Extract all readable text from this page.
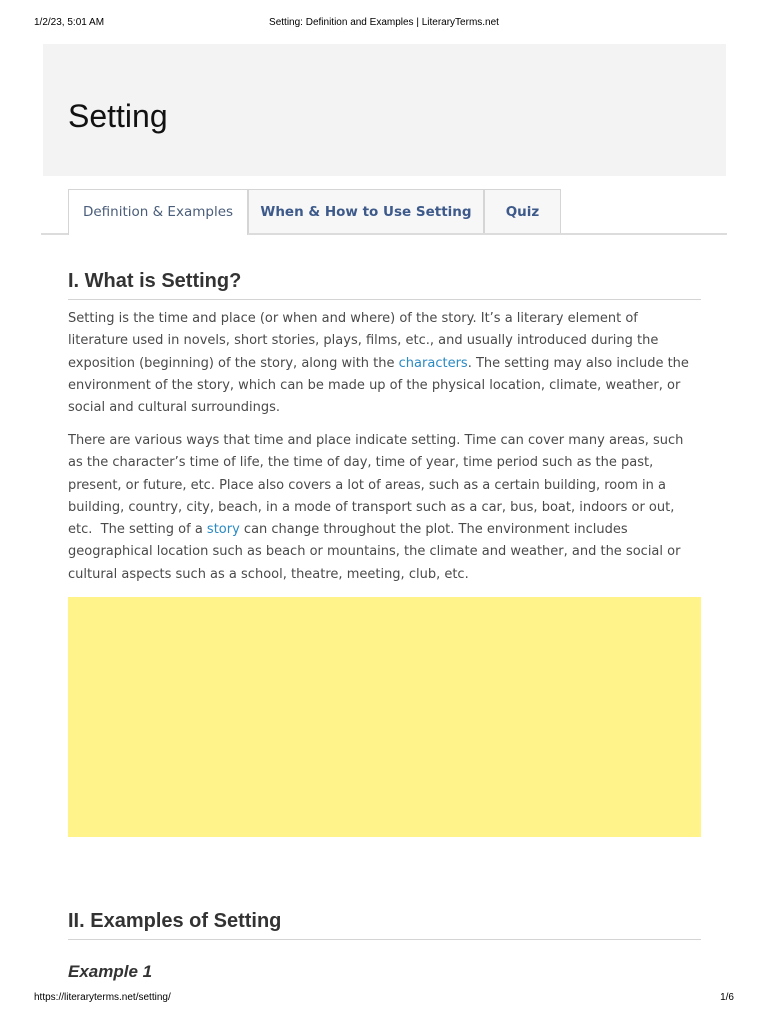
1/2/23, 5:01 AM	Setting: Definition and Examples | LiteraryTerms.net
Setting
Definition & Examples	When & How to Use Setting	Quiz
I. What is Setting?

Setting is the time and place (or when and where) of the story. It’s a literary element of literature used in novels, short stories, plays, films, etc., and usually introduced during the exposition (beginning) of the story, along with the characters. The setting may also include the environment of the story, which can be made up of the physical location, climate, weather, or social and cultural surroundings.

There are various ways that time and place indicate setting. Time can cover many areas, such as the character’s time of life, the time of day, time of year, time period such as the past, present, or future, etc. Place also covers a lot of areas, such as a certain building, room in a building, country, city, beach, in a mode of transport such as a car, bus, boat, indoors or out, etc.  The setting of a story can change throughout the plot. The environment includes geographical location such as beach or mountains, the climate and weather, and the social or cultural aspects such as a school, theatre, meeting, club, etc.

II. Examples of Setting
Example 1
https://literaryterms.net/setting/	1/6
